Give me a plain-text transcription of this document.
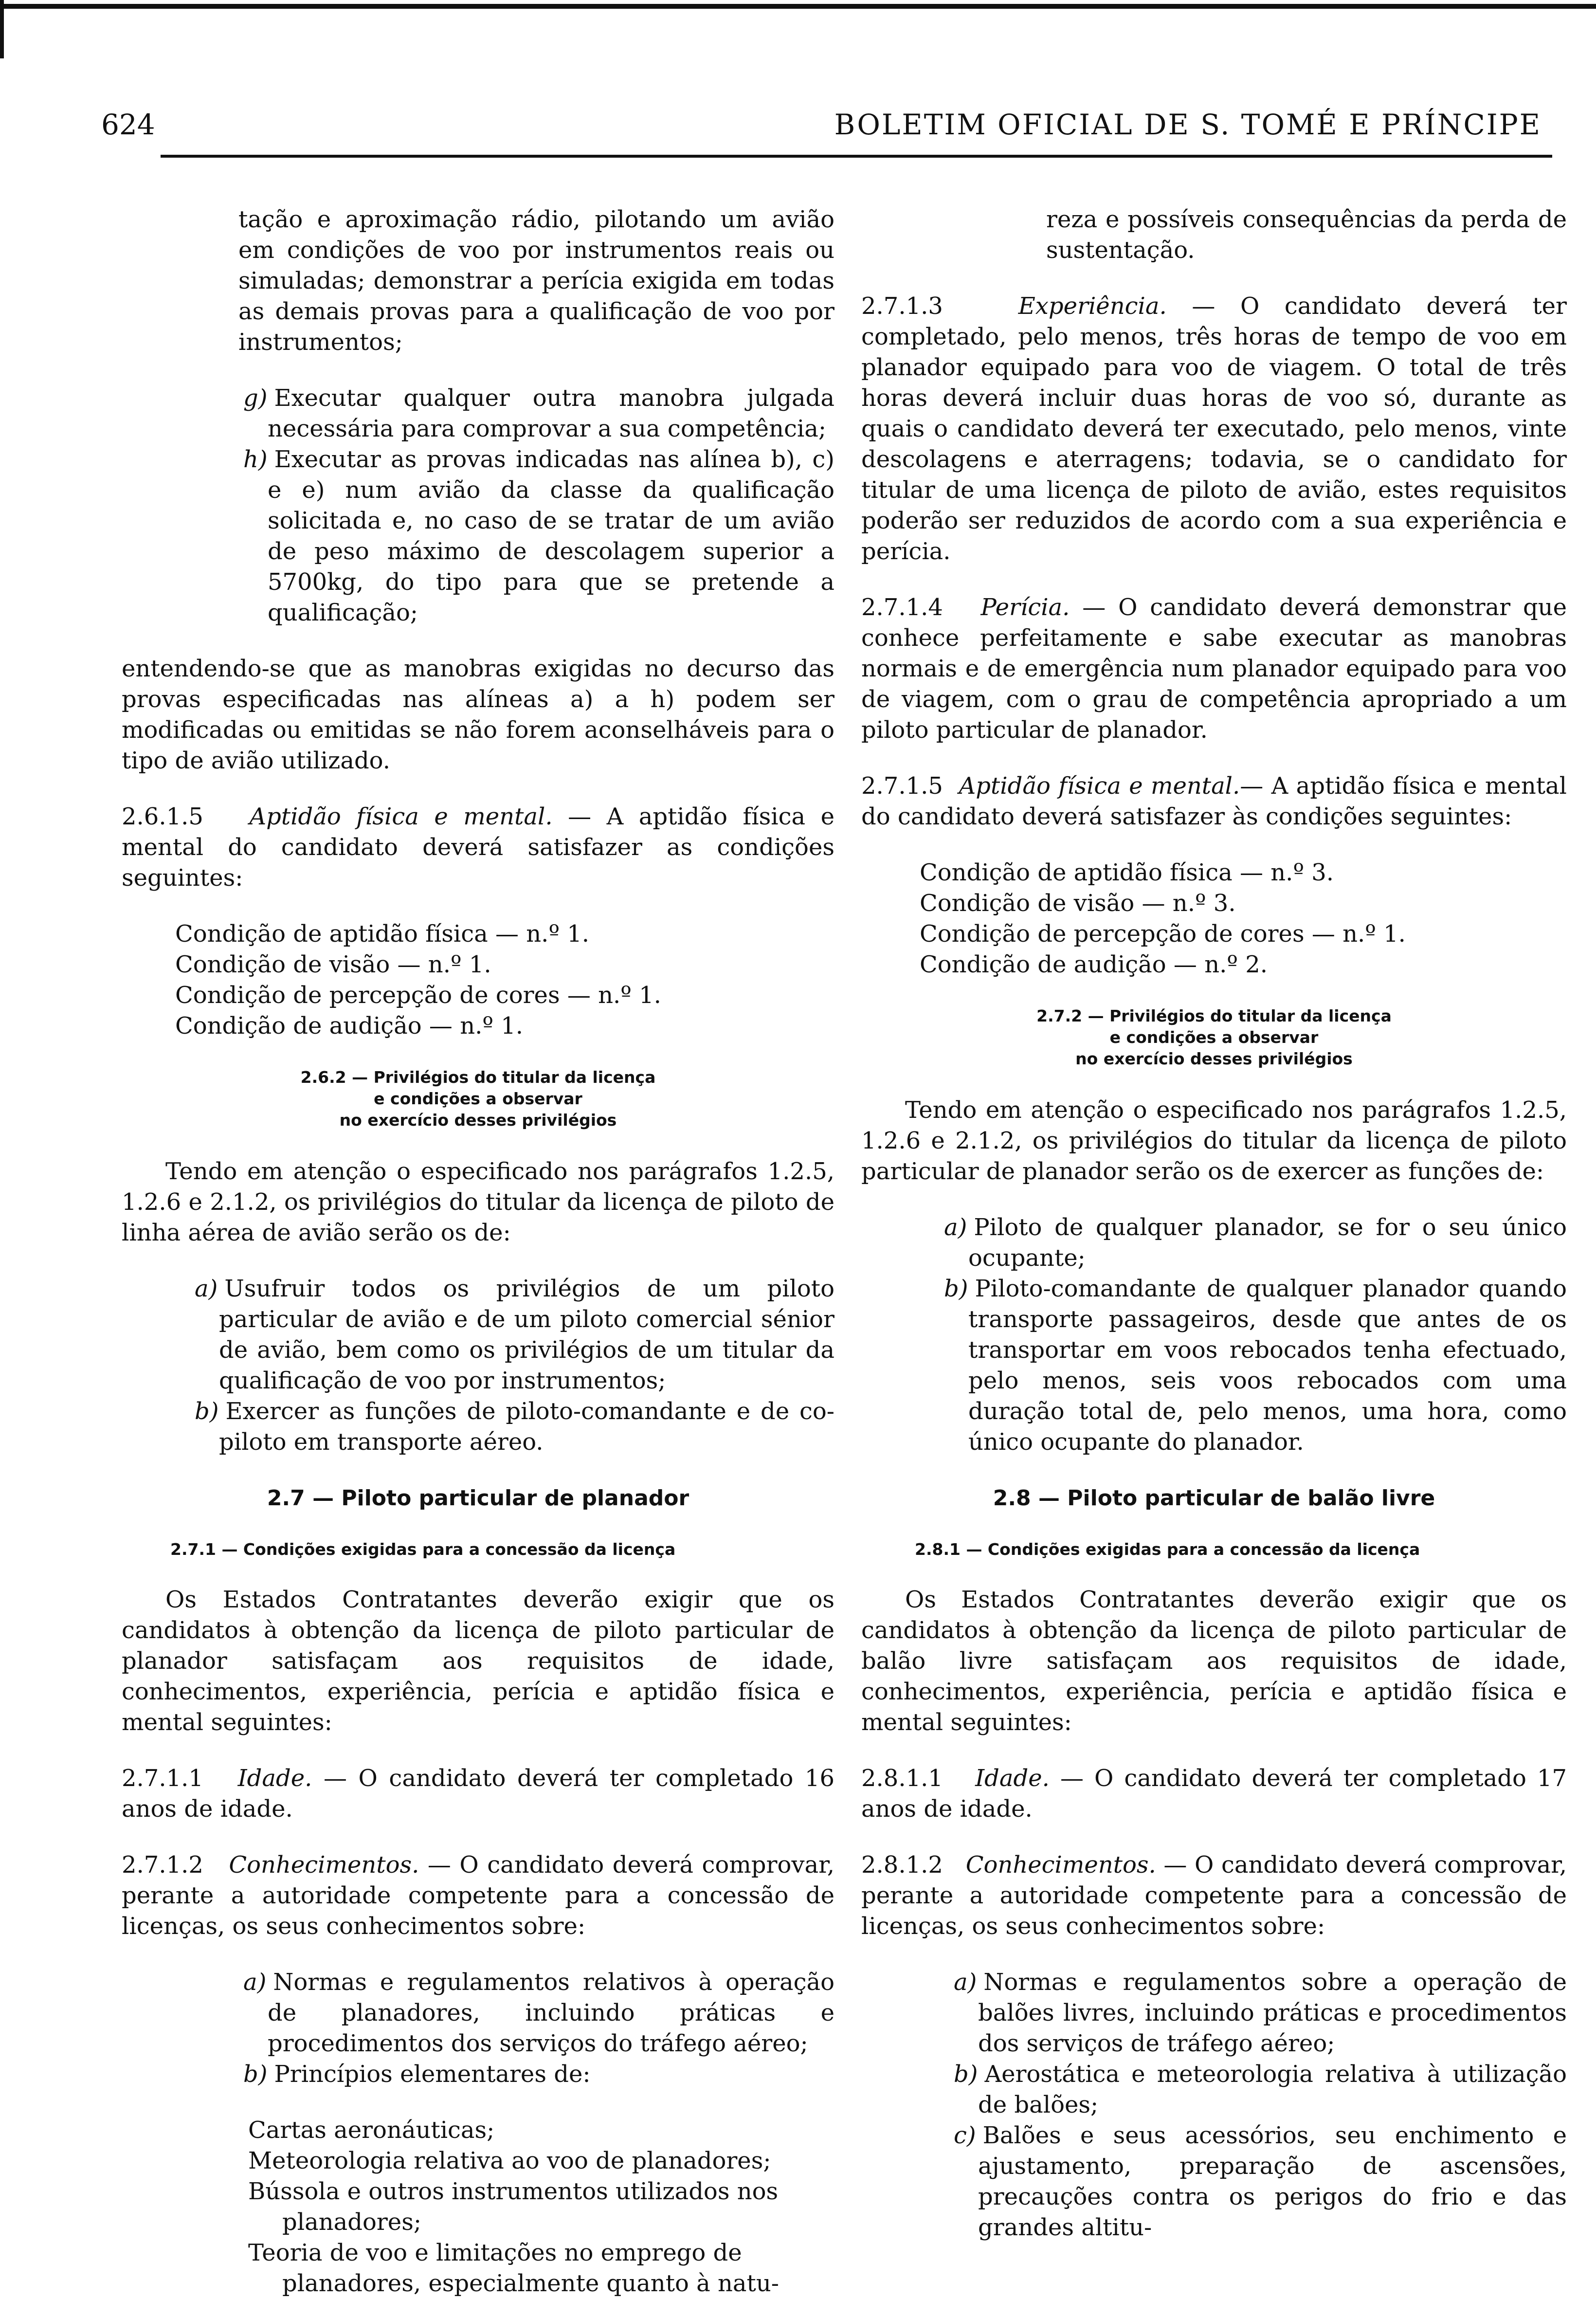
624	BOLETIM OFICIAL DE S. TOMÉ E PRÍNCIPE

tação e aproximação rádio, pilotando um avião em condições de voo por instrumentos reais ou simuladas; demonstrar a perícia exigida em todas as demais provas para a qualificação de voo por instrumentos;

g) Executar qualquer outra manobra julgada necessária para comprovar a sua competência;

h) Executar as provas indicadas nas alínea b), c) e e) num avião da classe da qualificação solicitada e, no caso de se tratar de um avião de peso máximo de descolagem superior a 5700kg, do tipo para que se pretende a qualificação;

entendendo-se que as manobras exigidas no decurso das provas especificadas nas alíneas a) a h) podem ser modificadas ou emitidas se não forem aconselháveis para o tipo de avião utilizado.

2.6.1.5 Aptidão física e mental. — A aptidão física e mental do candidato deverá satisfazer as condições seguintes:

Condição de aptidão física — n.º 1.

Condição de visão — n.º 1.

Condição de percepção de cores — n.º 1.

Condição de audição — n.º 1.

2.6.2 — Privilégios do titular da licença
e condições a observar
no exercício desses privilégios

Tendo em atenção o especificado nos parágrafos 1.2.5, 1.2.6 e 2.1.2, os privilégios do titular da licença de piloto de linha aérea de avião serão os de:

a) Usufruir todos os privilégios de um piloto particular de avião e de um piloto comercial sénior de avião, bem como os privilégios de um titular da qualificação de voo por instrumentos;

b) Exercer as funções de piloto-comandante e de co-piloto em transporte aéreo.

2.7 — Piloto particular de planador
2.7.1 — Condições exigidas para a concessão da licença

Os Estados Contratantes deverão exigir que os candidatos à obtenção da licença de piloto particular de planador satisfaçam aos requisitos de idade, conhecimentos, experiência, perícia e aptidão física e mental seguintes:

2.7.1.1 Idade. — O candidato deverá ter completado 16 anos de idade.

2.7.1.2 Conhecimentos. — O candidato deverá comprovar, perante a autoridade competente para a concessão de licenças, os seus conhecimentos sobre:

a) Normas e regulamentos relativos à operação de planadores, incluindo práticas e procedimentos dos serviços do tráfego aéreo;

b) Princípios elementares de:

Cartas aeronáuticas;

Meteorologia relativa ao voo de planadores;

Bússola e outros instrumentos utilizados nos planadores;

Teoria de voo e limitações no emprego de planadores, especialmente quanto à natu-

reza e possíveis consequências da perda de sustentação.

2.7.1.3	Experiência. — O candidato deverá ter completado, pelo menos, três horas de tempo de voo em planador equipado para voo de viagem. O total de três horas deverá incluir duas horas de voo só, durante as quais o candidato deverá ter executado, pelo menos, vinte descolagens e aterragens; todavia, se o candidato for titular de uma licença de piloto de avião, estes requisitos poderão ser reduzidos de acordo com a sua experiência e perícia.

2.7.1.4 Perícia. — O candidato deverá demonstrar que conhece perfeitamente e sabe executar as manobras normais e de emergência num planador equipado para voo de viagem, com o grau de competência apropriado a um piloto particular de planador.

2.7.1.5 Aptidão física e mental.— A aptidão física e mental do candidato deverá satisfazer às condições seguintes:

Condição de aptidão física — n.º 3.

Condição de visão — n.º 3.

Condição de percepção de cores — n.º 1.

Condição de audição — n.º 2.

2.7.2 — Privilégios do titular da licença
e condições a observar
no exercício desses privilégios

Tendo em atenção o especificado nos parágrafos 1.2.5, 1.2.6 e 2.1.2, os privilégios do titular da licença de piloto particular de planador serão os de exercer as funções de:

a) Piloto de qualquer planador, se for o seu único ocupante;

b) Piloto-comandante de qualquer planador quando transporte passageiros, desde que antes de os transportar em voos rebocados tenha efectuado, pelo menos, seis voos rebocados com uma duração total de, pelo menos, uma hora, como único ocupante do planador.

2.8 — Piloto particular de balão livre
2.8.1 — Condições exigidas para a concessão da licença

Os Estados Contratantes deverão exigir que os candidatos à obtenção da licença de piloto particular de balão livre satisfaçam aos requisitos de idade, conhecimentos, experiência, perícia e aptidão física e mental seguintes:

2.8.1.1 Idade. — O candidato deverá ter completado 17 anos de idade.

2.8.1.2 Conhecimentos. — O candidato deverá comprovar, perante a autoridade competente para a concessão de licenças, os seus conhecimentos sobre:

a) Normas e regulamentos sobre a operação de balões livres, incluindo práticas e procedimentos dos serviços de tráfego aéreo;

b) Aerostática e meteorologia relativa à utilização de balões;

c) Balões e seus acessórios, seu enchimento e ajustamento, preparação de ascensões, precauções contra os perigos do frio e das grandes altitu-
